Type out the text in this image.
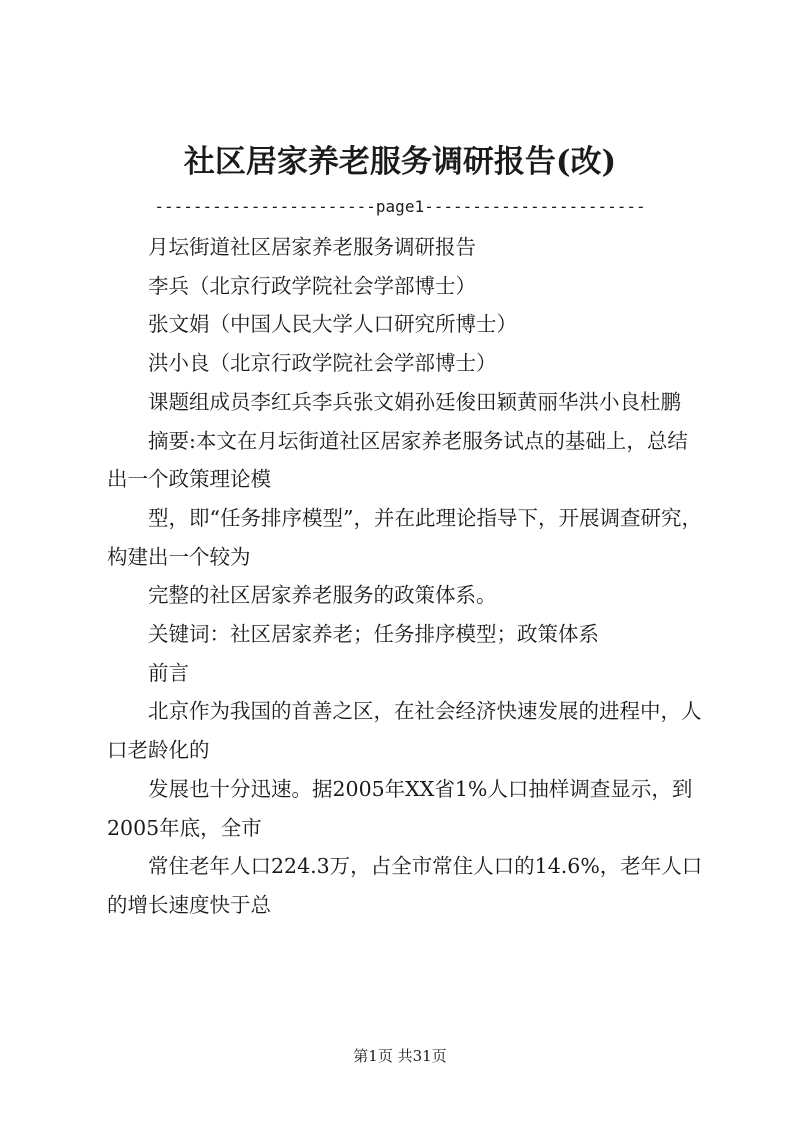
社区居家养老服务调研报告(改)
-----------------------page1-----------------------

月坛街道社区居家养老服务调研报告

李兵（北京行政学院社会学部博士）

张文娟（中国人民大学人口研究所博士）

洪小良（北京行政学院社会学部博士）

课题组成员李红兵李兵张文娟孙廷俊田颖黄丽华洪小良杜鹏

摘要:本文在月坛街道社区居家养老服务试点的基础上，总结出一个政策理论模

型，即“任务排序模型”，并在此理论指导下，开展调查研究，构建出一个较为

完整的社区居家养老服务的政策体系。

关键词：社区居家养老；任务排序模型；政策体系

前言

北京作为我国的首善之区，在社会经济快速发展的进程中，人口老龄化的

发展也十分迅速。据2005年XX省1%人口抽样调查显示，到2005年底，全市

常住老年人口224.3万，占全市常住人口的14.6%，老年人口的增长速度快于总

第1页 共31页
